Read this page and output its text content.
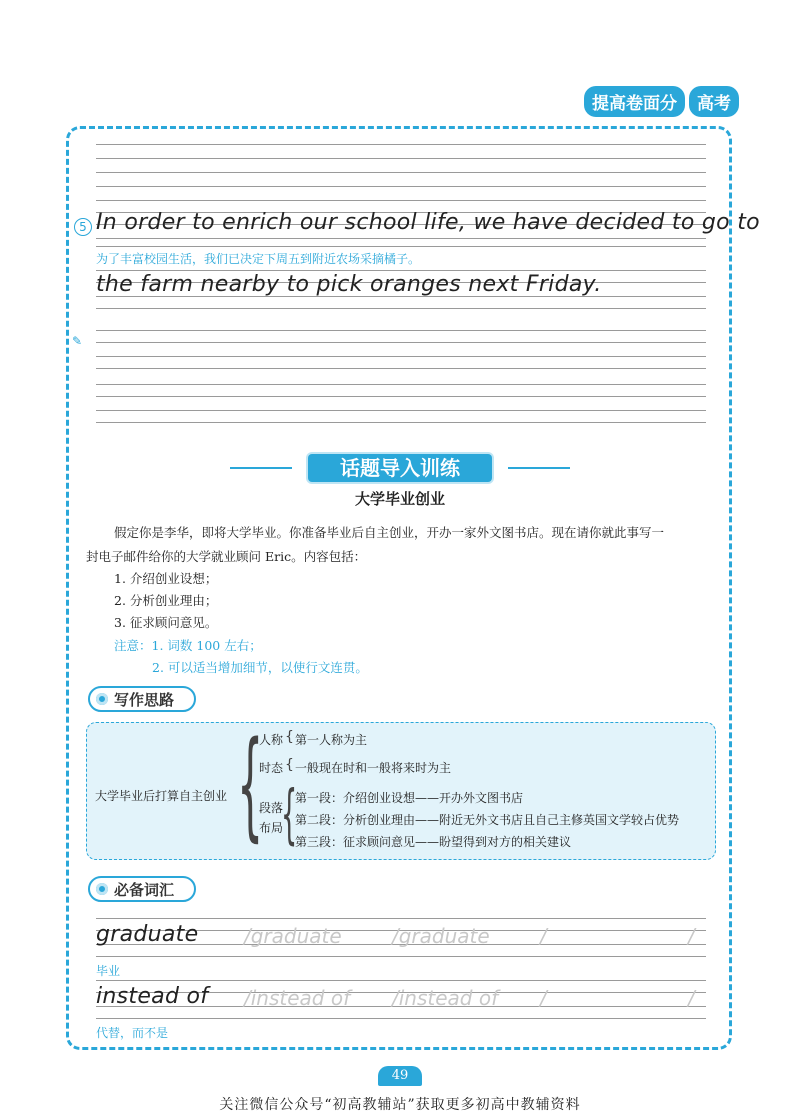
提高卷面分	高考
5 In order to enrich our school life, we have decided to go to
为了丰富校园生活，我们已决定下周五到附近农场采摘橘子。
the farm nearby to pick oranges next Friday.
✎
话题导入训练
大学毕业创业
假定你是李华，即将大学毕业。你准备毕业后自主创业，开办一家外文图书店。现在请你就此事写一
封电子邮件给你的大学就业顾问 Eric。内容包括：
1. 介绍创业设想；
2. 分析创业理由；
3. 征求顾问意见。
注意：1. 词数 100 左右；
2. 可以适当增加细节，以使行文连贯。
写作思路
大学毕业后打算自主创业 {
人称 { 第一人称为主
时态 { 一般现在时和一般将来时为主
段落
布局
{
第一段：介绍创业设想——开办外文图书店
第二段：分析创业理由——附近无外文书店且自己主修英国文学较占优势
第三段：征求顾问意见——盼望得到对方的相关建议
必备词汇
graduate /graduate	/graduate	/	/
毕业
instead of /instead of /instead of /	/
代替，而不是
49
关注微信公众号“初高教辅站”获取更多初高中教辅资料
